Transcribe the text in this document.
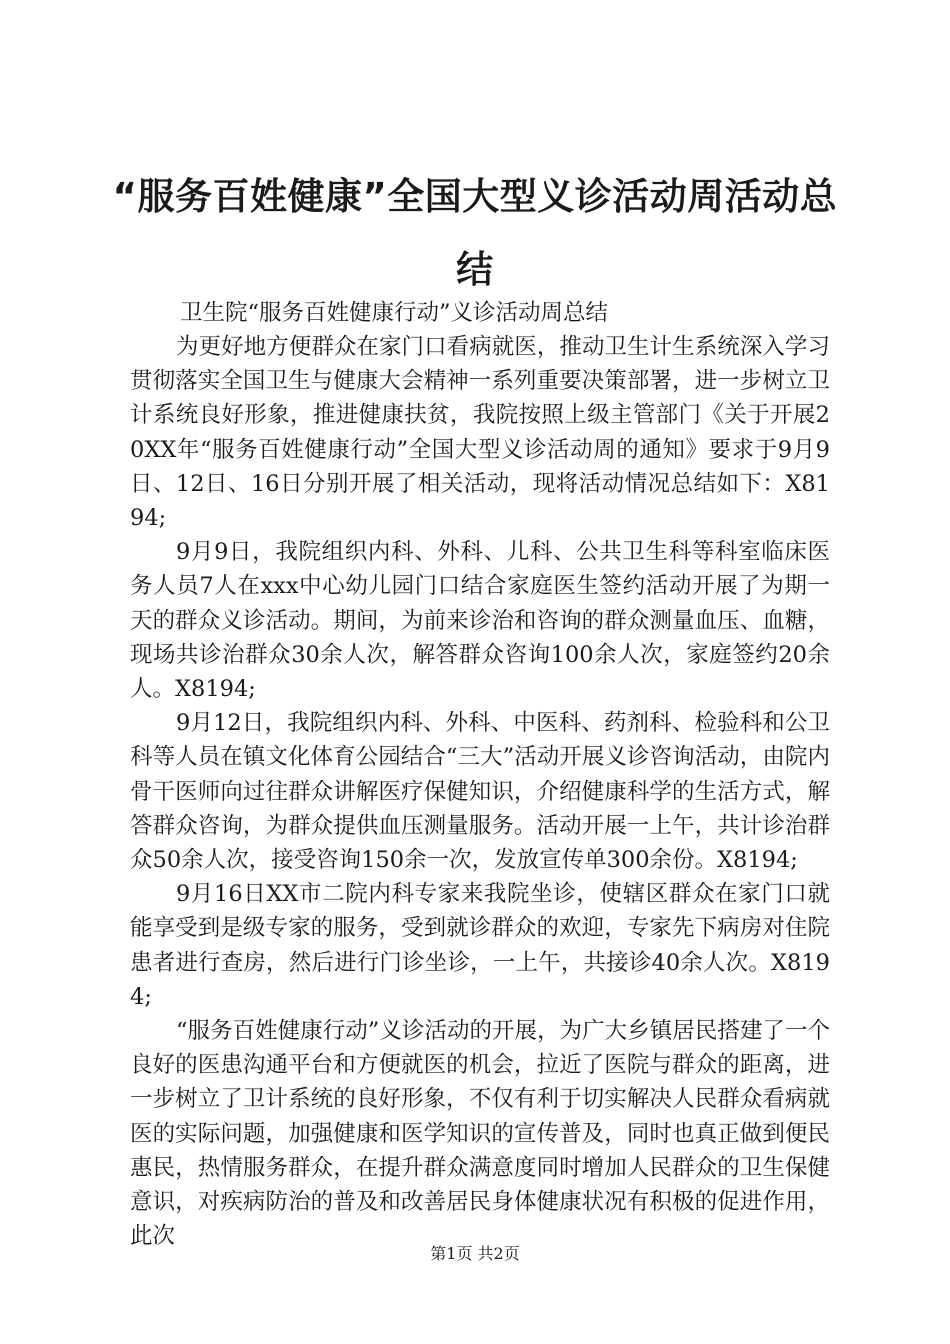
“服务百姓健康”全国大型义诊活动周活动总结

卫生院“服务百姓健康行动”义诊活动周总结

为更好地方便群众在家门口看病就医，推动卫生计生系统深入学习贯彻落实全国卫生与健康大会精神一系列重要决策部署，进一步树立卫计系统良好形象，推进健康扶贫，我院按照上级主管部门《关于开展20XX年“服务百姓健康行动”全国大型义诊活动周的通知》要求于9月9日、12日、16日分别开展了相关活动，现将活动情况总结如下：X8194;

9月9日，我院组织内科、外科、儿科、公共卫生科等科室临床医务人员7人在xxx中心幼儿园门口结合家庭医生签约活动开展了为期一天的群众义诊活动。期间，为前来诊治和咨询的群众测量血压、血糖，现场共诊治群众30余人次，解答群众咨询100余人次，家庭签约20余人。X8194;

9月12日，我院组织内科、外科、中医科、药剂科、检验科和公卫科等人员在镇文化体育公园结合“三大”活动开展义诊咨询活动，由院内骨干医师向过往群众讲解医疗保健知识，介绍健康科学的生活方式，解答群众咨询，为群众提供血压测量服务。活动开展一上午，共计诊治群众50余人次，接受咨询150余一次，发放宣传单300余份。X8194;

9月16日XX市二院内科专家来我院坐诊，使辖区群众在家门口就能享受到是级专家的服务，受到就诊群众的欢迎，专家先下病房对住院患者进行查房，然后进行门诊坐诊，一上午，共接诊40余人次。X8194;

“服务百姓健康行动”义诊活动的开展，为广大乡镇居民搭建了一个良好的医患沟通平台和方便就医的机会，拉近了医院与群众的距离，进一步树立了卫计系统的良好形象，不仅有利于切实解决人民群众看病就医的实际问题，加强健康和医学知识的宣传普及，同时也真正做到便民惠民，热情服务群众，在提升群众满意度同时增加人民群众的卫生保健意识，对疾病防治的普及和改善居民身体健康状况有积极的促进作用，此次

第1页 共2页
